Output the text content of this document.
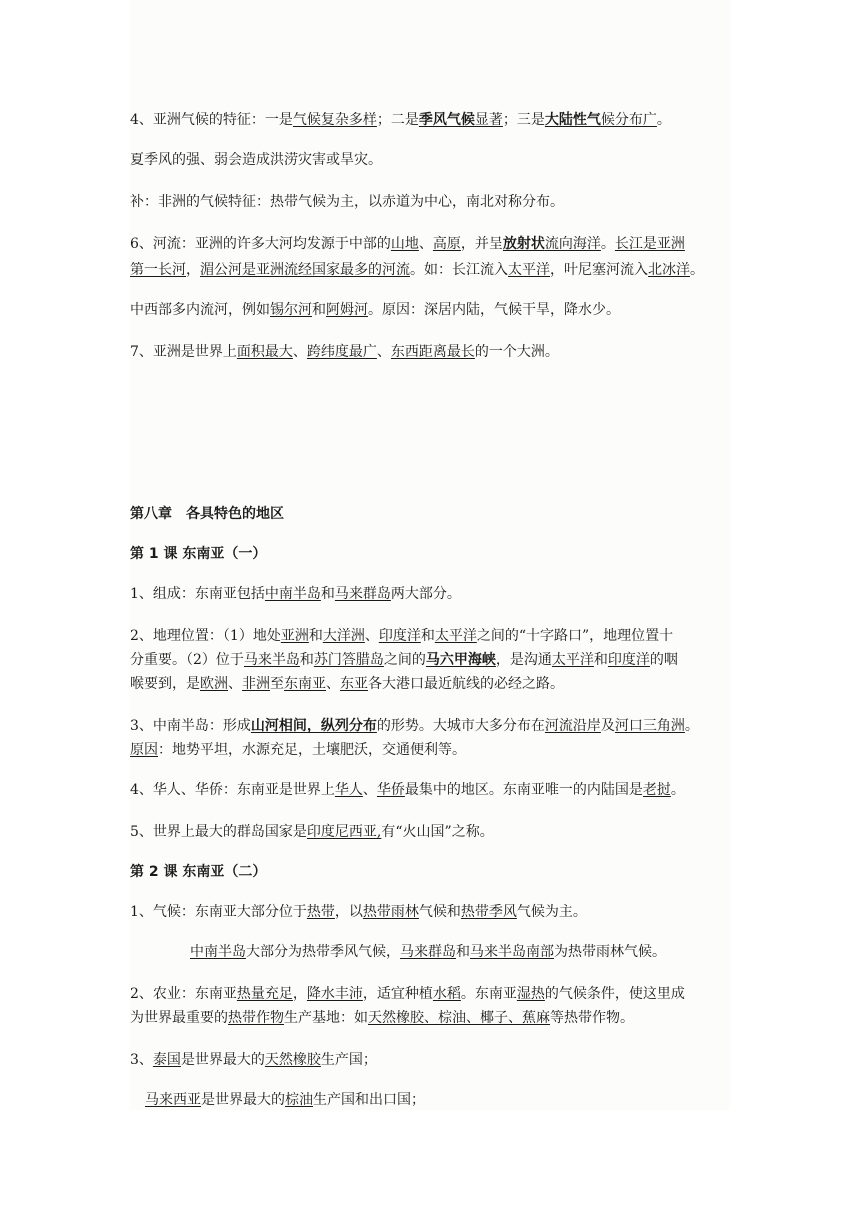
4、亚洲气候的特征：一是气候复杂多样；二是季风气候显著；三是大陆性气候分布广。

夏季风的强、弱会造成洪涝灾害或旱灾。

补：非洲的气候特征：热带气候为主，以赤道为中心，南北对称分布。

6、河流：亚洲的许多大河均发源于中部的山地、高原，并呈放射状流向海洋。长江是亚洲

第一长河，湄公河是亚洲流经国家最多的河流。如：长江流入太平洋，叶尼塞河流入北冰洋。

中西部多内流河，例如锡尔河和阿姆河。原因：深居内陆，气候干旱，降水少。

7、亚洲是世界上面积最大、跨纬度最广、东西距离最长的一个大洲。

第八章　各具特色的地区

第 1 课 东南亚（一）

1、组成：东南亚包括中南半岛和马来群岛两大部分。

2、地理位置：（1）地处亚洲和大洋洲、印度洋和太平洋之间的“十字路口”，地理位置十

分重要。（2）位于马来半岛和苏门答腊岛之间的马六甲海峡，是沟通太平洋和印度洋的咽

喉要到，是欧洲、非洲至东南亚、东亚各大港口最近航线的必经之路。

3、中南半岛：形成山河相间，纵列分布的形势。大城市大多分布在河流沿岸及河口三角洲。

原因：地势平坦，水源充足，土壤肥沃，交通便利等。

4、华人、华侨：东南亚是世界上华人、华侨最集中的地区。东南亚唯一的内陆国是老挝。

5、世界上最大的群岛国家是印度尼西亚,有“火山国”之称。

第 2 课 东南亚（二）

1、气候：东南亚大部分位于热带，以热带雨林气候和热带季风气候为主。

中南半岛大部分为热带季风气候，马来群岛和马来半岛南部为热带雨林气候。

2、农业：东南亚热量充足，降水丰沛，适宜种植水稻。东南亚湿热的气候条件，使这里成

为世界最重要的热带作物生产基地：如天然橡胶、棕油、椰子、蕉麻等热带作物。

3、泰国是世界最大的天然橡胶生产国；

马来西亚是世界最大的棕油生产国和出口国；
